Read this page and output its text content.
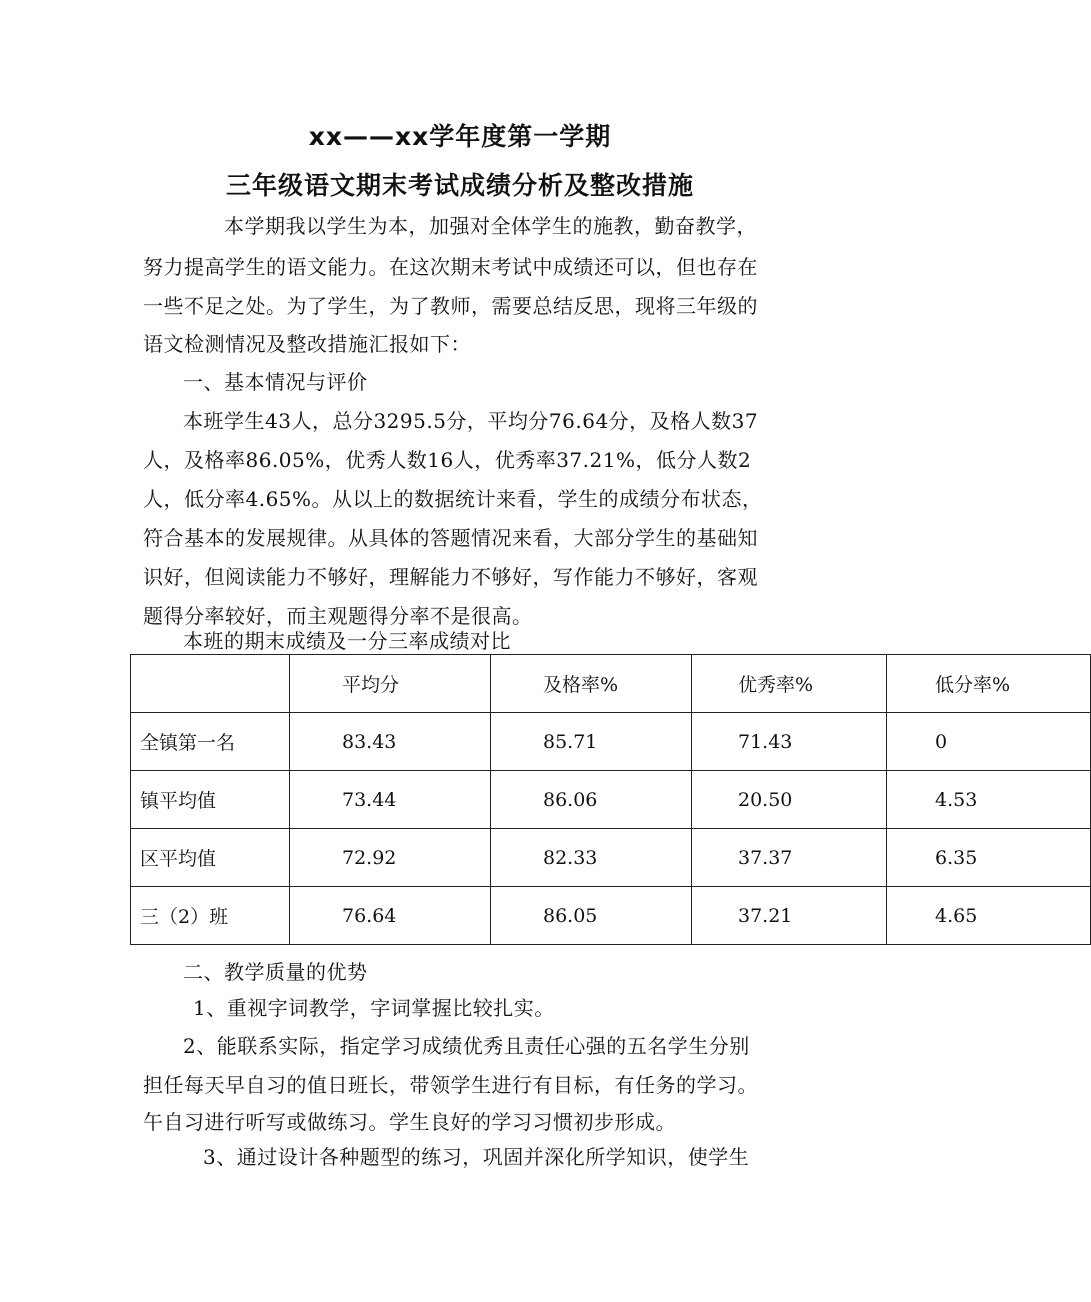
xx——xx学年度第一学期
三年级语文期末考试成绩分析及整改措施
本学期我以学生为本，加强对全体学生的施教，勤奋教学，
努力提高学生的语文能力。在这次期末考试中成绩还可以，但也存在
一些不足之处。为了学生，为了教师，需要总结反思，现将三年级的
语文检测情况及整改措施汇报如下：
一、基本情况与评价
本班学生43人，总分3295.5分，平均分76.64分，及格人数37
人，及格率86.05%，优秀人数16人，优秀率37.21%，低分人数2
人，低分率4.65%。从以上的数据统计来看，学生的成绩分布状态，
符合基本的发展规律。从具体的答题情况来看，大部分学生的基础知
识好，但阅读能力不够好，理解能力不够好，写作能力不够好，客观
题得分率较好，而主观题得分率不是很高。
本班的期末成绩及一分三率成绩对比
	平均分	及格率%	优秀率%	低分率%
全镇第一名	83.43	85.71	71.43	0
镇平均值	73.44	86.06	20.50	4.53
区平均值	72.92	82.33	37.37	6.35
三（2）班	76.64	86.05	37.21	4.65
二、教学质量的优势
1、重视字词教学，字词掌握比较扎实。
2、能联系实际，指定学习成绩优秀且责任心强的五名学生分别
担任每天早自习的值日班长，带领学生进行有目标，有任务的学习。
午自习进行听写或做练习。学生良好的学习习惯初步形成。
3、通过设计各种题型的练习，巩固并深化所学知识，使学生
